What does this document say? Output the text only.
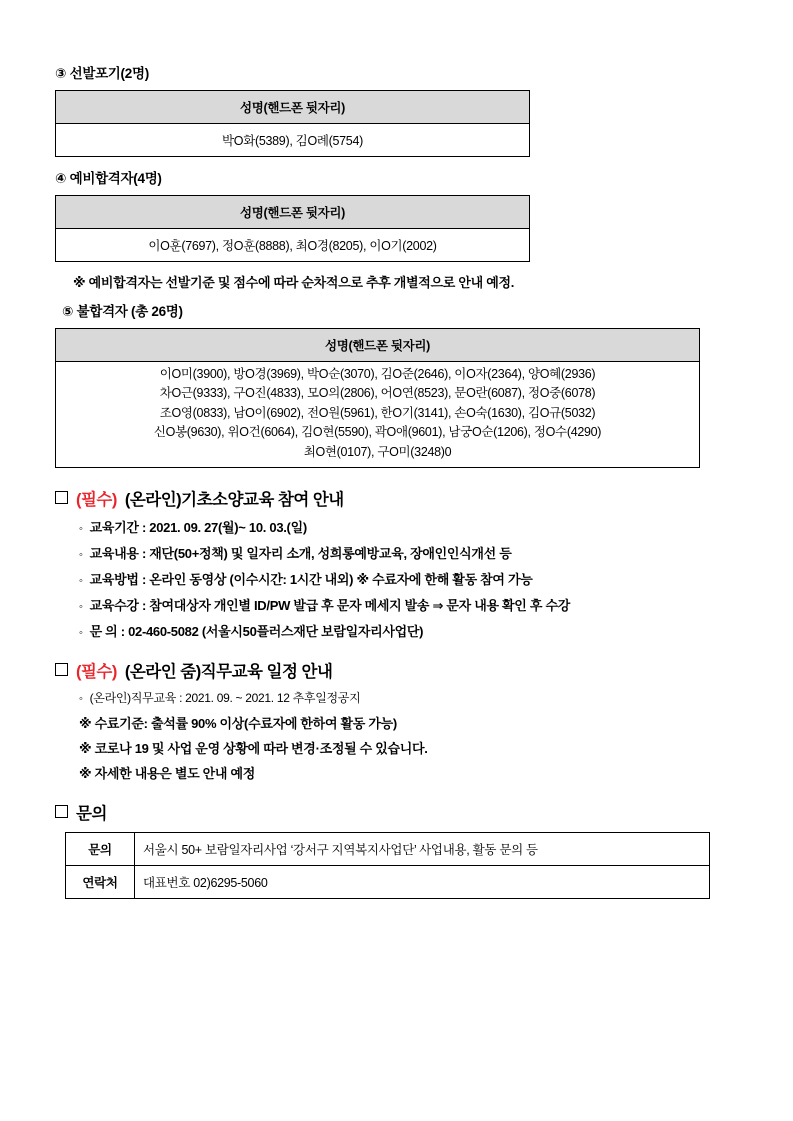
③ 선발포기(2명)
성명(핸드폰 뒷자리)
박O화(5389), 김O례(5754)
④ 예비합격자(4명)
성명(핸드폰 뒷자리)
이O훈(7697), 정O훈(8888), 최O경(8205), 이O기(2002)
※ 예비합격자는 선발기준 및 점수에 따라 순차적으로 추후 개별적으로 안내 예정.
⑤ 불합격자 (총 26명)
성명(핸드폰 뒷자리)

이O미(3900), 방O경(3969), 박O순(3070), 김O준(2646), 이O자(2364), 양O혜(2936)
차O근(9333), 구O진(4833), 모O의(2806), 어O연(8523), 문O란(6087), 정O중(6078)
조O영(0833), 남O이(6902), 전O원(5961), 한O기(3141), 손O숙(1630), 김O규(5032)
신O봉(9630), 위O건(6064), 김O현(5590), 곽O애(9601), 남궁O순(1206), 정O수(4290)
최O현(0107), 구O미(3248)0
(필수) (온라인)기초소양교육 참여 안내
◦ 교육기간 : 2021. 09. 27(월)~ 10. 03.(일)
◦ 교육내용 : 재단(50+정책) 및 일자리 소개, 성희롱예방교육, 장애인인식개선 등
◦ 교육방법 : 온라인 동영상 (이수시간: 1시간 내외) ※ 수료자에 한해 활동 참여 가능
◦ 교육수강 : 참여대상자 개인별 ID/PW 발급 후 문자 메세지 발송 ⇒ 문자 내용 확인 후 수강
◦ 문 의 : 02-460-5082 (서울시50플러스재단 보람일자리사업단)
(필수) (온라인 줌)직무교육 일정 안내
◦ (온라인)직무교육 : 2021. 09. ~ 2021. 12 추후일정공지
※ 수료기준: 출석률 90% 이상(수료자에 한하여 활동 가능)
※ 코로나 19 및 사업 운영 상황에 따라 변경·조정될 수 있습니다.
※ 자세한 내용은 별도 안내 예정
문의
문의	서울시 50+ 보람일자리사업 ‘강서구 지역복지사업단’ 사업내용, 활동 문의 등
연락처	대표번호 02)6295-5060
